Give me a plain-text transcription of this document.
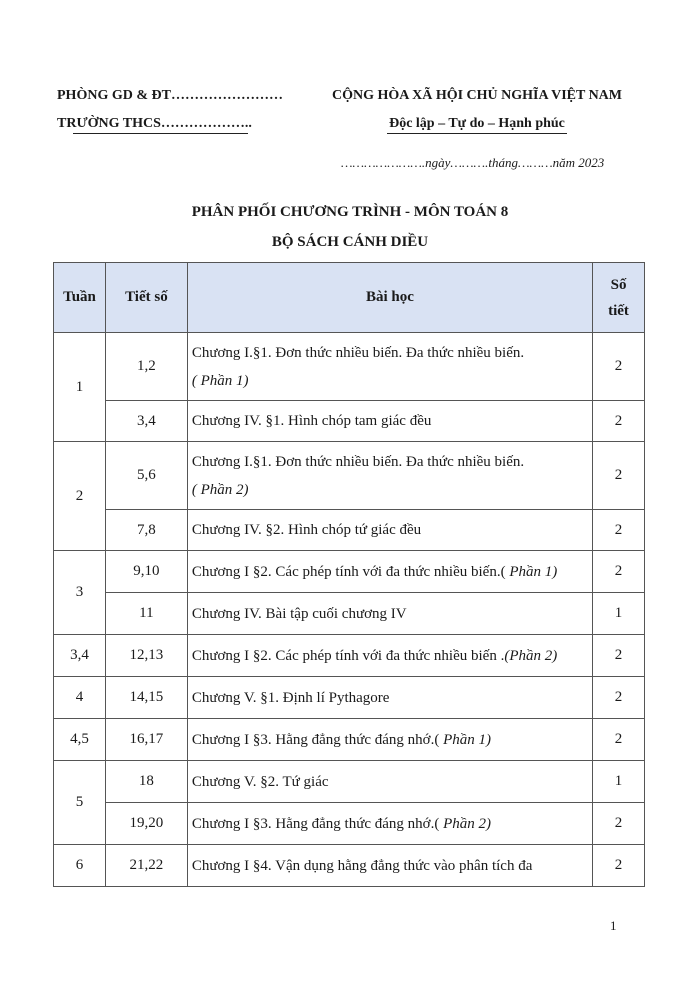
PHÒNG GD & ĐT……………………
TRƯỜNG THCS………………..
CỘNG HÒA XÃ HỘI CHỦ NGHĨA VIỆT NAM
Độc lập – Tự do – Hạnh phúc
………………….ngày……….tháng………năm 2023
PHÂN PHỐI CHƯƠNG TRÌNH - MÔN TOÁN 8
BỘ SÁCH CÁNH DIỀU
Tuần	Tiết số	Bài học	Số
tiết
1	1,2	Chương I.§1. Đơn thức nhiều biến. Đa thức nhiều biến.
( Phần 1)	2
	3,4	Chương IV. §1. Hình chóp tam giác đều	2
2	5,6	Chương I.§1. Đơn thức nhiều biến. Đa thức nhiều biến.
( Phần 2)	2
	7,8	Chương IV. §2. Hình chóp tứ giác đều	2
3	9,10	Chương I §2. Các phép tính với đa thức nhiều biến.( Phần 1)	2
	11	Chương IV. Bài tập cuối chương IV	1
3,4	12,13	Chương I §2. Các phép tính với đa thức nhiều biến .(Phần 2)	2
4	14,15	Chương V. §1. Định lí Pythagore	2
4,5	16,17	Chương I §3. Hằng đẳng thức đáng nhớ.( Phần 1)	2
5	18	Chương V. §2. Tứ giác	1
	19,20	Chương I §3. Hằng đẳng thức đáng nhớ.( Phần 2)	2
6	21,22	Chương I §4. Vận dụng hằng đẳng thức vào phân tích đa	2
1
